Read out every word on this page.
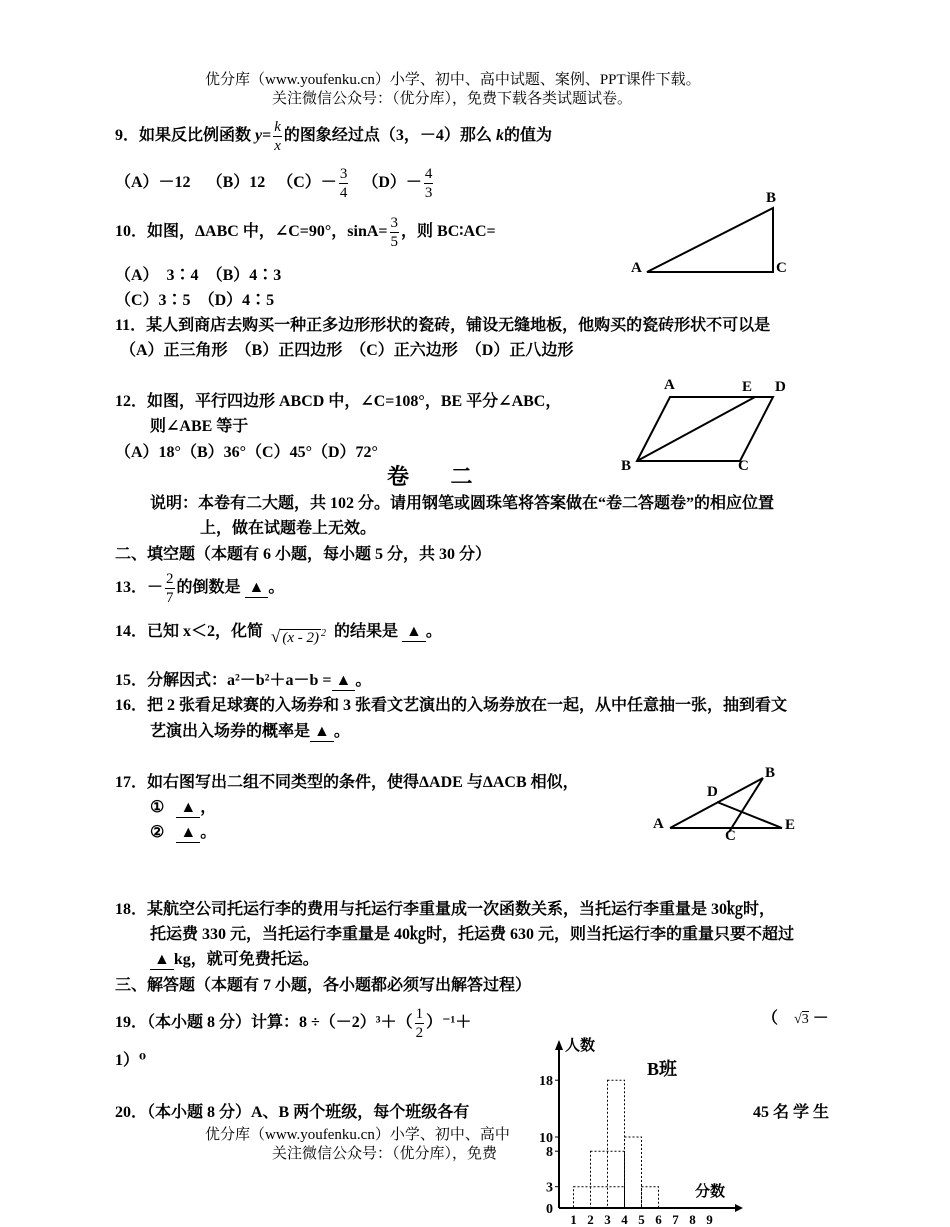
优分库（www.youfenku.cn）小学、初中、高中试题、案例、PPT课件下载。
关注微信公众号：（优分库），免费下载各类试题试卷。
9．如果反比例函数 $y= \frac{k}{x}$ 的图象经过点（3，－4）那么 k的值为
（A）－12 （B）12 $(C)- \frac{3}{4} (D)- \frac{4}{3}$
10．如图，ΔABC 中，∠C=90°，$\sin A= \frac{3}{5}$ ，则 BC∶AC=
（A）　3∶4 （B）4∶3
（C）3∶5 （D）4∶5
A
B
C
11．某人到商店去购买一种正多边形形状的瓷砖，铺设无缝地板，他购买的瓷砖形状不可以是
（A）正三角形　（B）正四边形　（C）正六边形　（D）正八边形
12．如图，平行四边形 ABCD 中，∠C=108°，BE 平分∠ABC，
则∠ABE 等于
（A）18°（B）36°（C）45°（D）72°
A	E D
B	C
卷 二
说明：本卷有二大题，共 102 分。请用钢笔或圆珠笔将答案做在“卷二答题卷”的相应位置
上，做在试题卷上无效。
二、填空题（本题有 6 小题，每小题 5 分，共 30 分）
13．－ $\frac{2}{7}$ 的倒数是 ▲ 。
14．已知 x＜2，化简 √ (x - 2) $^2$ 的结果是 ▲ 。
15．分解因式：a²－b²＋a－b = ▲ 。
16．把 2 张看足球赛的入场券和 3 张看文艺演出的入场券放在一起，从中任意抽一张，抽到看文
艺演出入场券的概率是 ▲ 。
17．如右图写出二组不同类型的条件，使得ΔADE 与ΔACB 相似，
① ▲ ，
② ▲ 。	A
B
D
C
E
18．某航空公司托运行李的费用与托运行李重量成一次函数关系，当托运行李重量是 30㎏时，
托运费 330 元，当托运行李重量是 40㎏时，托运费 630 元，则当托运行李的重量只要不超过
▲ kg，就可免费托运。
三、解答题（本题有 7 小题，各小题都必须写出解答过程）
19．（本小题 8 分）计算：$8 \div(-2)^3+( \frac{1}{2} )^{-1}+$	（ √3 －
1）⁰
20．（本小题 8 分）A、B 两个班级，每个班级各有	45 名 学 生
优分库（www.youfenku.cn）小学、初中、高中
关注微信公众号：（优分库），免费
人数
分数
B班
0
3
8
10
18
1 2 3 4 5 6 7 8 9
